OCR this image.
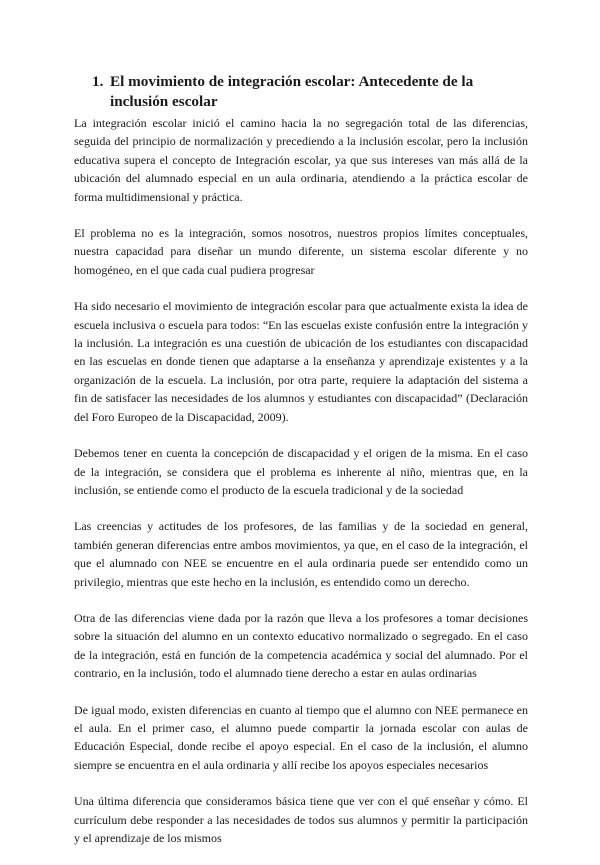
1. El movimiento de integración escolar: Antecedente de la inclusión escolar

La integración escolar inició el camino hacia la no segregación total de las diferencias, seguida del principio de normalización y precediendo a la inclusión escolar, pero la inclusión educativa supera el concepto de Integración escolar, ya que sus intereses van más allá de la ubicación del alumnado especial en un aula ordinaria, atendiendo a la práctica escolar de forma multidimensional y práctica.

El problema no es la integración, somos nosotros, nuestros propios límites conceptuales, nuestra capacidad para diseñar un mundo diferente, un sistema escolar diferente y no homogéneo, en el que cada cual pudiera progresar

Ha sido necesario el movimiento de integración escolar para que actualmente exista la idea de escuela inclusiva o escuela para todos: “En las escuelas existe confusión entre la integración y la inclusión. La integración es una cuestión de ubicación de los estudiantes con discapacidad en las escuelas en donde tienen que adaptarse a la enseñanza y aprendizaje existentes y a la organización de la escuela. La inclusión, por otra parte, requiere la adaptación del sistema a fin de satisfacer las necesidades de los alumnos y estudiantes con discapacidad” (Declaración del Foro Europeo de la Discapacidad, 2009).

Debemos tener en cuenta la concepción de discapacidad y el origen de la misma. En el caso de la integración, se considera que el problema es inherente al niño, mientras que, en la inclusión, se entiende como el producto de la escuela tradicional y de la sociedad

Las creencias y actitudes de los profesores, de las familias y de la sociedad en general, también generan diferencias entre ambos movimientos, ya que, en el caso de la integración, el que el alumnado con NEE se encuentre en el aula ordinaria puede ser entendido como un privilegio, mientras que este hecho en la inclusión, es entendido como un derecho.

Otra de las diferencias viene dada por la razón que lleva a los profesores a tomar decisiones sobre la situación del alumno en un contexto educativo normalizado o segregado. En el caso de la integración, está en función de la competencia académica y social del alumnado. Por el contrario, en la inclusión, todo el alumnado tiene derecho a estar en aulas ordinarias

De igual modo, existen diferencias en cuanto al tiempo que el alumno con NEE permanece en el aula. En el primer caso, el alumno puede compartir la jornada escolar con aulas de Educación Especial, donde recibe el apoyo especial. En el caso de la inclusión, el alumno siempre se encuentra en el aula ordinaria y allí recibe los apoyos especiales necesarios

Una última diferencia que consideramos básica tiene que ver con el qué enseñar y cómo. El currículum debe responder a las necesidades de todos sus alumnos y permitir la participación y el aprendizaje de los mismos
